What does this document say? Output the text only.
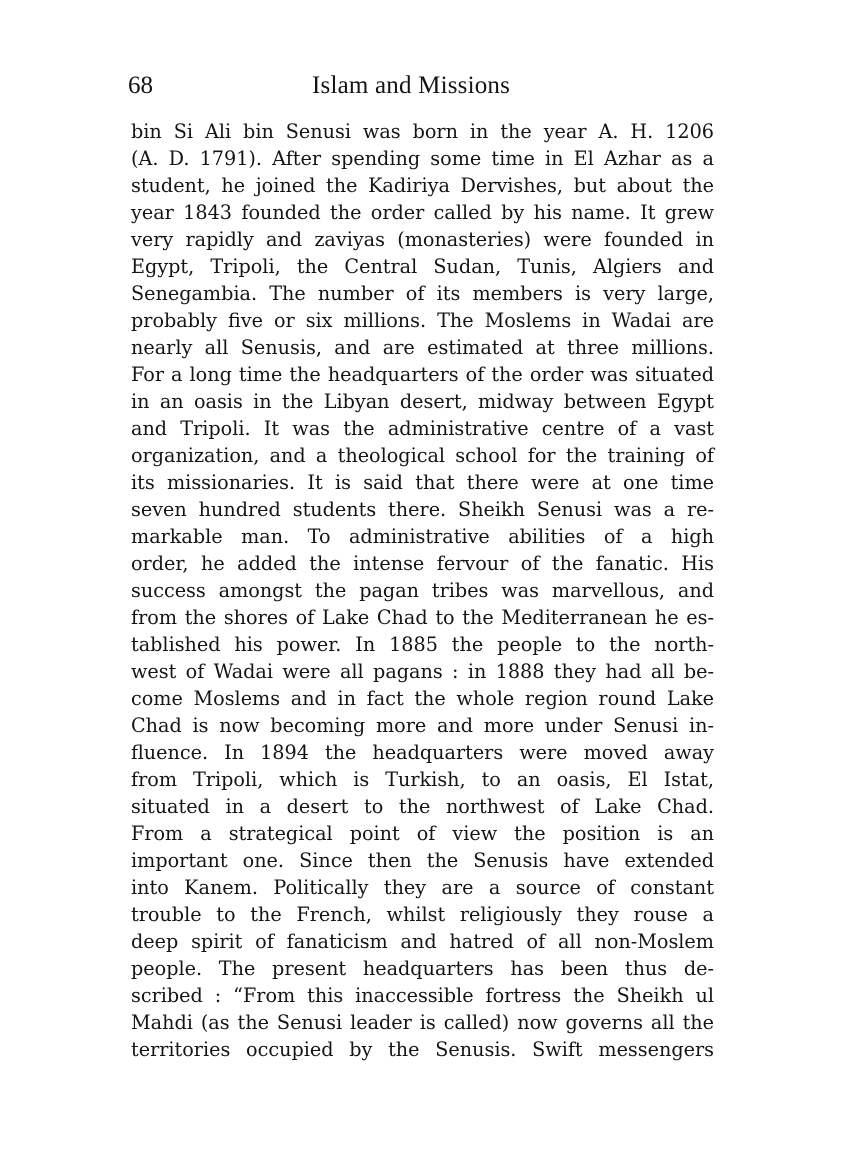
68	Islam and Missions
bin Si Ali bin Senusi was born in the year A. H. 1206
(A. D. 1791). After spending some time in El Azhar as a
student, he joined the Kadiriya Dervishes, but about the
year 1843 founded the order called by his name. It grew
very rapidly and zaviyas (monasteries) were founded in
Egypt, Tripoli, the Central Sudan, Tunis, Algiers and
Senegambia. The number of its members is very large,
probably five or six millions. The Moslems in Wadai are
nearly all Senusis, and are estimated at three millions.
For a long time the headquarters of the order was situated
in an oasis in the Libyan desert, midway between Egypt
and Tripoli. It was the administrative centre of a vast
organization, and a theological school for the training of
its missionaries. It is said that there were at one time
seven hundred students there. Sheikh Senusi was a re-
markable man. To administrative abilities of a high
order, he added the intense fervour of the fanatic. His
success amongst the pagan tribes was marvellous, and
from the shores of Lake Chad to the Mediterranean he es-
tablished his power. In 1885 the people to the north-
west of Wadai were all pagans : in 1888 they had all be-
come Moslems and in fact the whole region round Lake
Chad is now becoming more and more under Senusi in-
fluence. In 1894 the headquarters were moved away
from Tripoli, which is Turkish, to an oasis, El Istat,
situated in a desert to the northwest of Lake Chad.
From a strategical point of view the position is an
important one. Since then the Senusis have extended
into Kanem. Politically they are a source of constant
trouble to the French, whilst religiously they rouse a
deep spirit of fanaticism and hatred of all non-Moslem
people. The present headquarters has been thus de-
scribed : “From this inaccessible fortress the Sheikh ul
Mahdi (as the Senusi leader is called) now governs all the
territories occupied by the Senusis. Swift messengers
